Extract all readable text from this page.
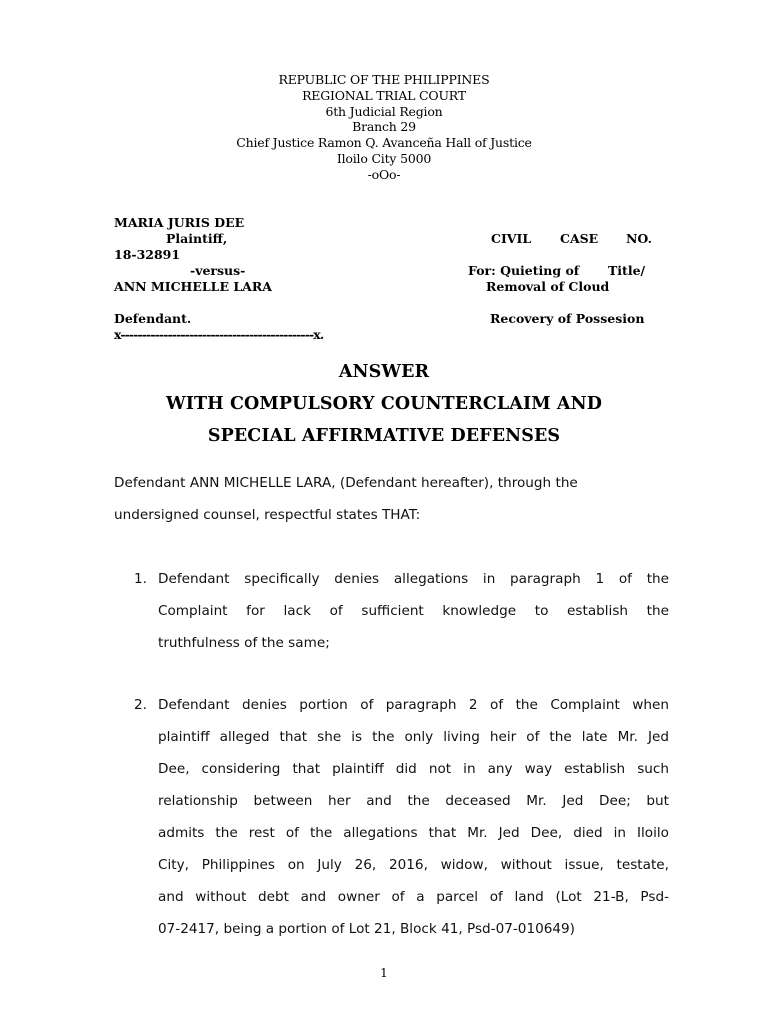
REPUBLIC OF THE PHILIPPINES
REGIONAL TRIAL COURT
6th Judicial Region
Branch 29
Chief Justice Ramon Q. Avanceña Hall of Justice
Iloilo City 5000
-oOo-
MARIA JURIS DEE
Plaintiff,	CIVIL CASE NO.
18-32891
-versus-	For: Quieting of Title/
ANN MICHELLE LARA	Removal of Cloud
Defendant.	Recovery of Possesion
x---------------------------------------------x.
ANSWER
WITH COMPULSORY COUNTERCLAIM AND
SPECIAL AFFIRMATIVE DEFENSES
Defendant ANN MICHELLE LARA, (Defendant hereafter), through the
undersigned counsel, respectful states THAT:
1. Defendant specifically denies allegations in paragraph 1 of the
Complaint for lack of sufficient knowledge to establish the
truthfulness of the same;
2. Defendant denies portion of paragraph 2 of the Complaint when
plaintiff alleged that she is the only living heir of the late Mr. Jed
Dee, considering that plaintiff did not in any way establish such
relationship between her and the deceased Mr. Jed Dee; but
admits the rest of the allegations that Mr. Jed Dee, died in Iloilo
City, Philippines on July 26, 2016, widow, without issue, testate,
and without debt and owner of a parcel of land (Lot 21-B, Psd-
07-2417, being a portion of Lot 21, Block 41, Psd-07-010649)
1
